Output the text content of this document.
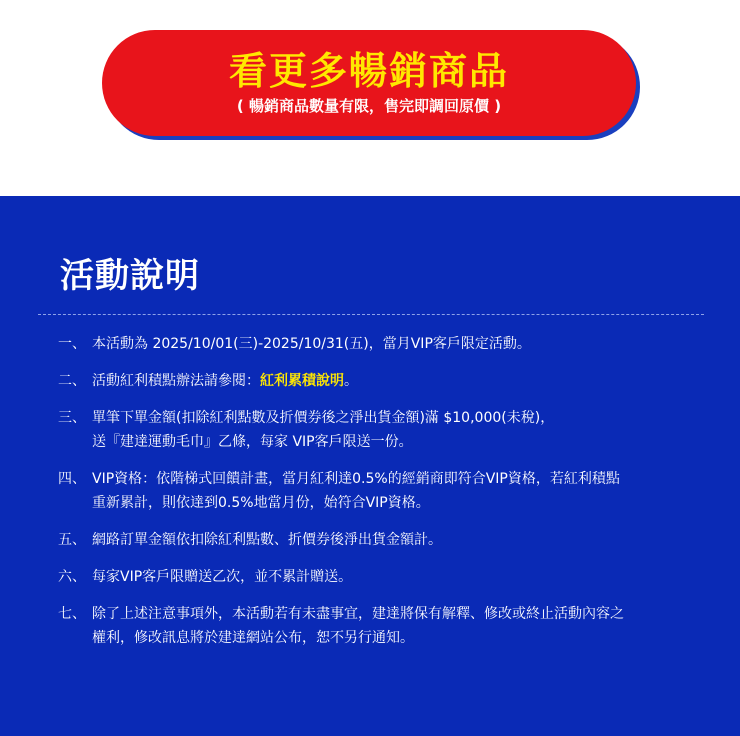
看更多暢銷商品
( 暢銷商品數量有限，售完即調回原價 )
活動說明
一、 本活動為 2025/10/01(三)-2025/10/31(五)，當月VIP客戶限定活動。
二、 活動紅利積點辦法請參閱：紅利累積說明。
三、 單筆下單金額(扣除紅利點數及折價券後之淨出貨金額)滿 $10,000(未稅)，
送『建達運動毛巾』乙條，每家 VIP客戶限送一份。
四、 VIP資格：依階梯式回饋計畫，當月紅利達0.5%的經銷商即符合VIP資格，若紅利積點
重新累計，則依達到0.5%地當月份，始符合VIP資格。
五、 網路訂單金額依扣除紅利點數、折價券後淨出貨金額計。
六、 每家VIP客戶限贈送乙次，並不累計贈送。
七、 除了上述注意事項外，本活動若有未盡事宜，建達將保有解釋、修改或終止活動內容之
權利，修改訊息將於建達網站公布，恕不另行通知。
